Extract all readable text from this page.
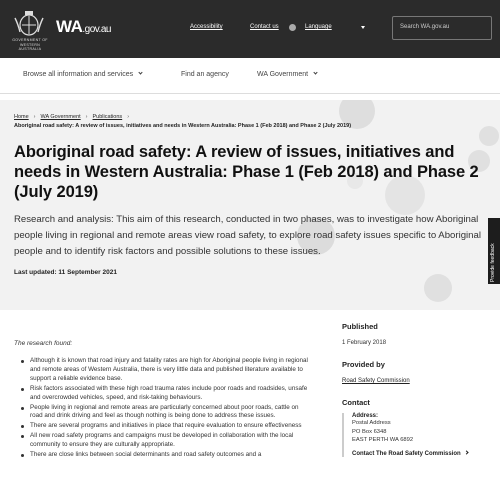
GOVERNMENT OF WESTERN AUSTRALIA
WA.gov.au	Accessibility	Contact us	Language	Search WA.gov.au
Browse all information and services	Find an agency	WA Government
Home › WA Government › Publications ›
Aboriginal road safety: A review of issues, initiatives and needs in Western Australia: Phase 1 (Feb 2018) and Phase 2 (July 2019)
Aboriginal road safety: A review of issues, initiatives and needs in Western Australia: Phase 1 (Feb 2018) and Phase 2 (July 2019)

Research and analysis: This aim of this research, conducted in two phases, was to investigate how Aboriginal people living in regional and remote areas view road safety, to explore road safety issues specific to Aboriginal people and to identify risk factors and possible solutions to these issues.

Last updated: 11 September 2021	Provide feedback

The research found:

Although it is known that road injury and fatality rates are high for Aboriginal people living in regional and remote areas of Western Australia, there is very little data and published literature available to support a reliable evidence base.
Risk factors associated with these high road trauma rates include poor roads and roadsides, unsafe and overcrowded vehicles, speed, and risk-taking behaviours.
People living in regional and remote areas are particularly concerned about poor roads, cattle on road and drink driving and feel as though nothing is being done to address these issues.
There are several programs and initiatives in place that require evaluation to ensure effectiveness
All new road safety programs and campaigns must be developed in collaboration with the local community to ensure they are culturally appropriate.
There are close links between social determinants and road safety outcomes and a
Published
1 February 2018
Provided by
Road Safety Commission
Contact
Address:
Postal Address
PO Box 6348
EAST PERTH WA 6892
Contact The Road Safety Commission
